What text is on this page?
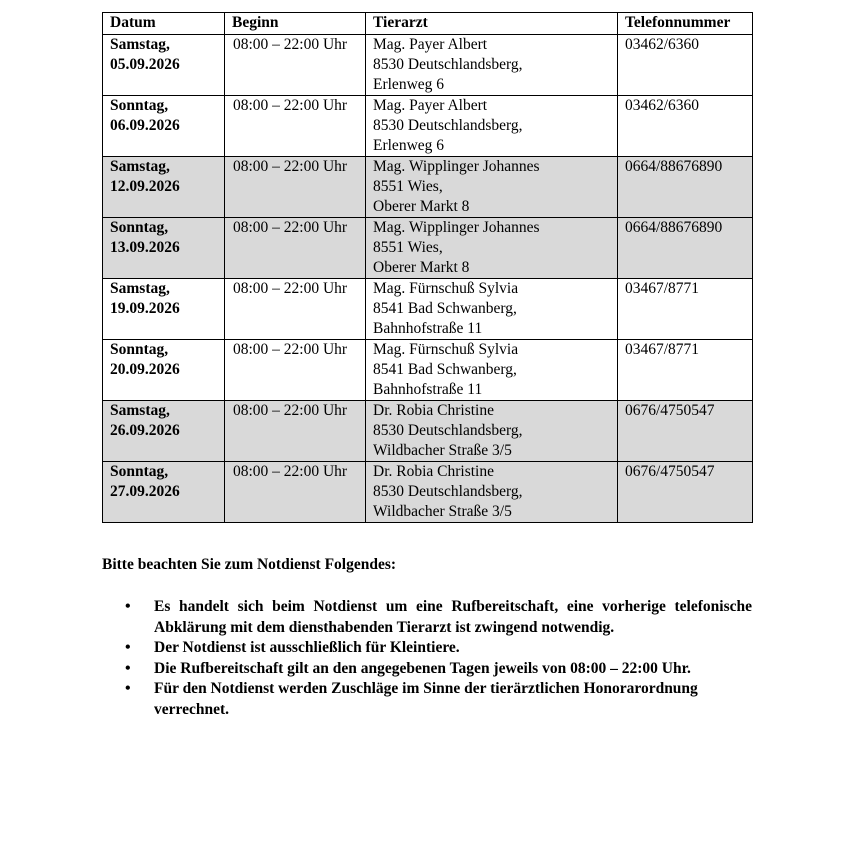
Datum	Beginn	Tierarzt	Telefonnummer

Samstag,
05.09.2026	08:00 – 22:00 Uhr	Mag. Payer Albert
8530 Deutschlandsberg,
Erlenweg 6	03462/6360

Sonntag,
06.09.2026	08:00 – 22:00 Uhr	Mag. Payer Albert
8530 Deutschlandsberg,
Erlenweg 6	03462/6360

Samstag,
12.09.2026	08:00 – 22:00 Uhr	Mag. Wipplinger Johannes
8551 Wies,
Oberer Markt 8	0664/88676890

Sonntag,
13.09.2026	08:00 – 22:00 Uhr	Mag. Wipplinger Johannes
8551 Wies,
Oberer Markt 8	0664/88676890

Samstag,
19.09.2026	08:00 – 22:00 Uhr	Mag. Fürnschuß Sylvia
8541 Bad Schwanberg,
Bahnhofstraße 11	03467/8771

Sonntag,
20.09.2026	08:00 – 22:00 Uhr	Mag. Fürnschuß Sylvia
8541 Bad Schwanberg,
Bahnhofstraße 11	03467/8771

Samstag,
26.09.2026	08:00 – 22:00 Uhr	Dr. Robia Christine
8530 Deutschlandsberg,
Wildbacher Straße 3/5	0676/4750547

Sonntag,
27.09.2026	08:00 – 22:00 Uhr	Dr. Robia Christine
8530 Deutschlandsberg,
Wildbacher Straße 3/5	0676/4750547

Bitte beachten Sie zum Notdienst Folgendes:

• Es handelt sich beim Notdienst um eine Rufbereitschaft, eine vorherige telefonische Abklärung mit dem diensthabenden Tierarzt ist zwingend notwendig.
• Der Notdienst ist ausschließlich für Kleintiere.
• Die Rufbereitschaft gilt an den angegebenen Tagen jeweils von 08:00 – 22:00 Uhr.
• Für den Notdienst werden Zuschläge im Sinne der tierärztlichen Honorarordnung verrechnet.
